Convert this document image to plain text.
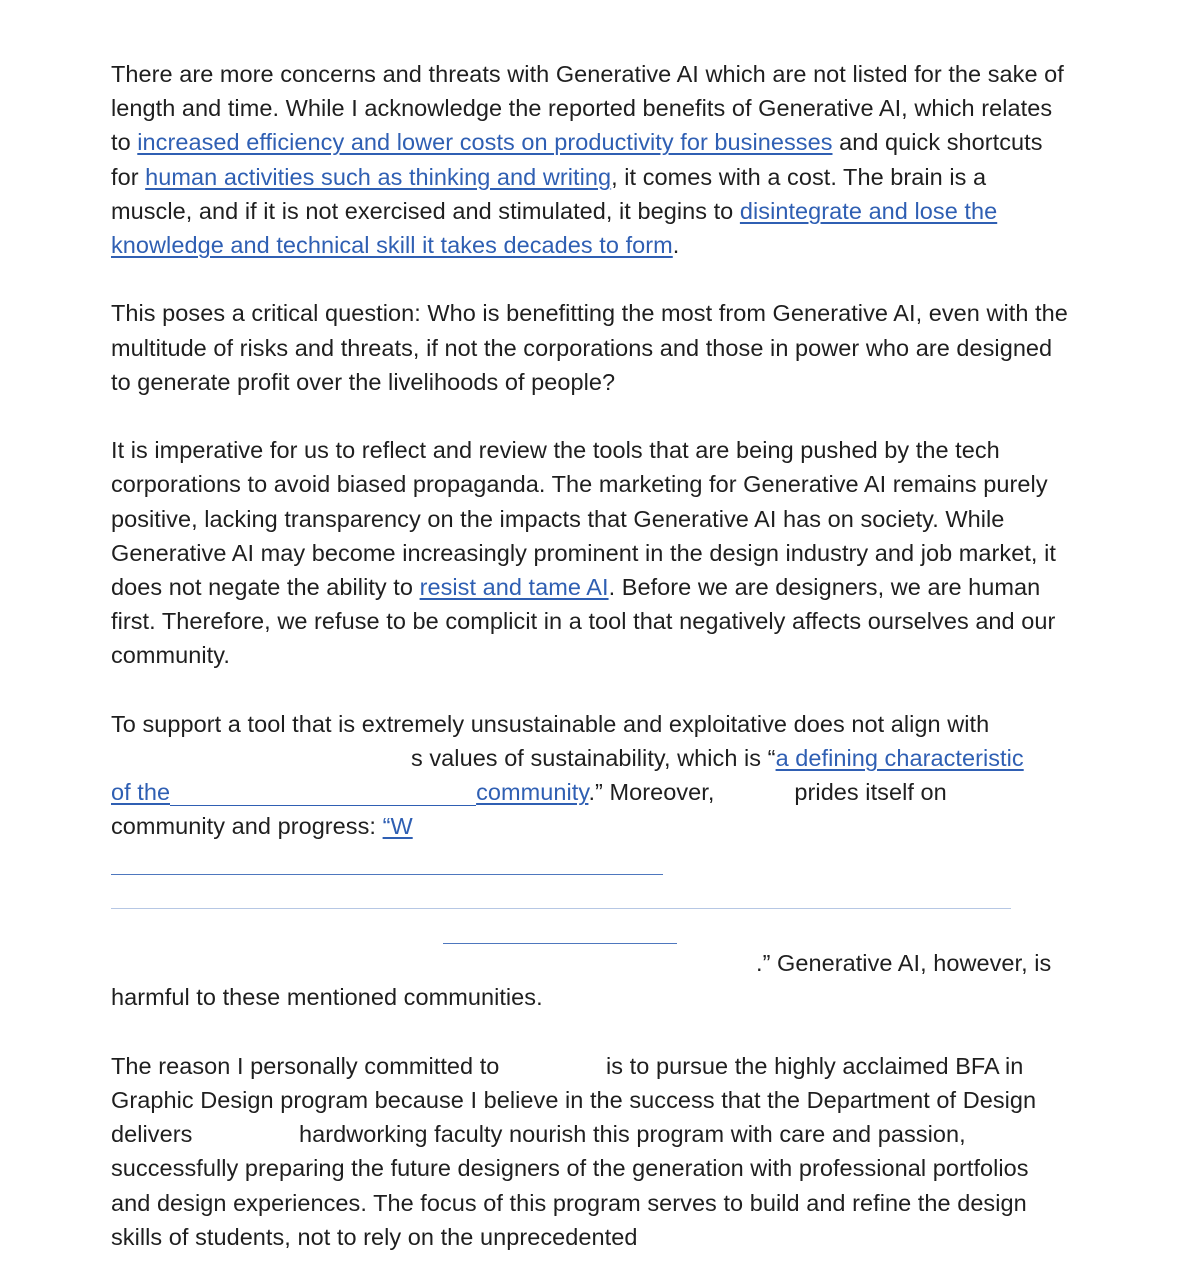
There are more concerns and threats with Generative AI which are not listed for the sake of length and time. While I acknowledge the reported benefits of Generative AI, which relates to increased efficiency and lower costs on productivity for businesses and quick shortcuts for human activities such as thinking and writing, it comes with a cost. The brain is a muscle, and if it is not exercised and stimulated, it begins to disintegrate and lose the knowledge and technical skill it takes decades to form.

This poses a critical question: Who is benefitting the most from Generative AI, even with the multitude of risks and threats, if not the corporations and those in power who are designed to generate profit over the livelihoods of people?

It is imperative for us to reflect and review the tools that are being pushed by the tech corporations to avoid biased propaganda. The marketing for Generative AI remains purely positive, lacking transparency on the impacts that Generative AI has on society. While Generative AI may become increasingly prominent in the design industry and job market, it does not negate the ability to resist and tame AI. Before we are designers, we are human first. Therefore, we refuse to be complicit in a tool that negatively affects ourselves and our community.

To support a tool that is extremely unsustainable and exploitative does not align with
s values of sustainability, which is “a defining characteristic
of the	community.” Moreover,	prides itself on
community and progress: “W

.” Generative AI, however, is harmful to these mentioned communities.

The reason I personally committed to	is to pursue the highly acclaimed BFA in Graphic Design program because I believe in the success that the Department of Design delivers	hardworking faculty nourish this program with care and passion, successfully preparing the future designers of the generation with professional portfolios and design experiences. The focus of this program serves to build and refine the design skills of students, not to rely on the unprecedented
